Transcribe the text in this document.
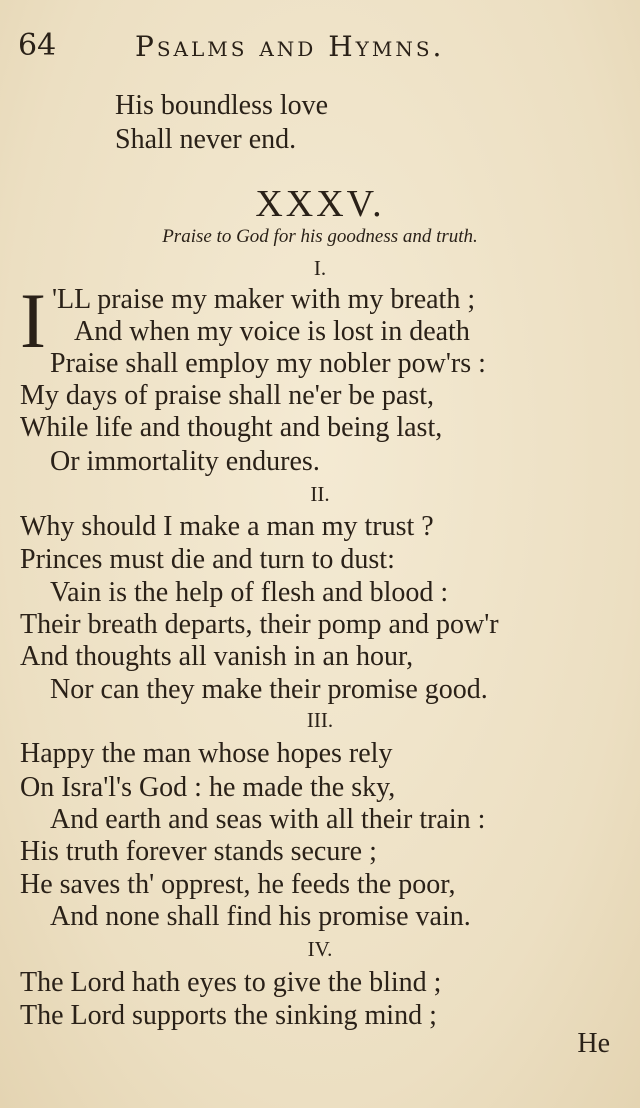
64	Psalms and Hymns.
His boundless love
Shall never end.
XXXV.
Praise to God for his goodness and truth.
I.
I 'LL praise my maker with my breath ;
And when my voice is lost in death
Praise shall employ my nobler pow'rs :
My days of praise shall ne'er be past,
While life and thought and being last,
Or immortality endures.
II.
Why should I make a man my trust ?
Princes must die and turn to dust:
Vain is the help of flesh and blood :
Their breath departs, their pomp and pow'r
And thoughts all vanish in an hour,
Nor can they make their promise good.
III.
Happy the man whose hopes rely
On Isra'l's God : he made the sky,
And earth and seas with all their train :
His truth forever stands secure ;
He saves th' opprest, he feeds the poor,
And none shall find his promise vain.
IV.
The Lord hath eyes to give the blind ;
The Lord supports the sinking mind ;
He
